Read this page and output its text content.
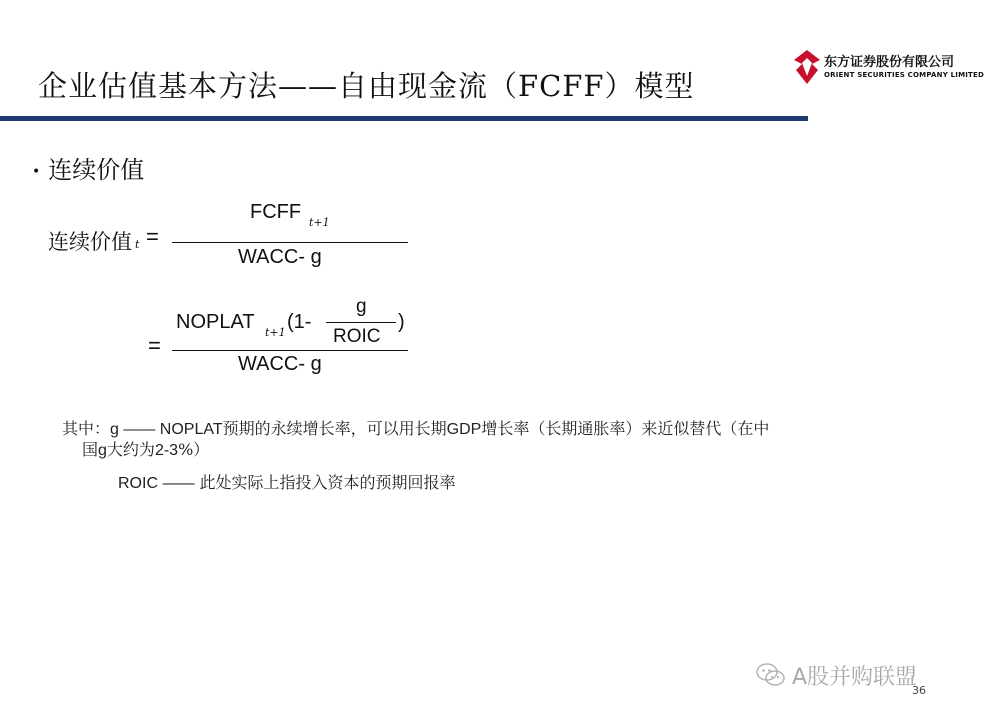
企业估值基本方法——自由现金流（FCFF）模型
东方证券股份有限公司
ORIENT SECURITIES COMPANY LIMITED
• 连续价值
连续价值 t =
FCFF t+1
WACC- g
=
NOPLAT t+1 (1-
g
ROIC
)
WACC- g
其中：g —— NOPLAT预期的永续增长率，可以用长期GDP增长率（长期通胀率）来近似替代（在中
国g大约为2-3%）
ROIC —— 此处实际上指投入资本的预期回报率
A股并购联盟
36
